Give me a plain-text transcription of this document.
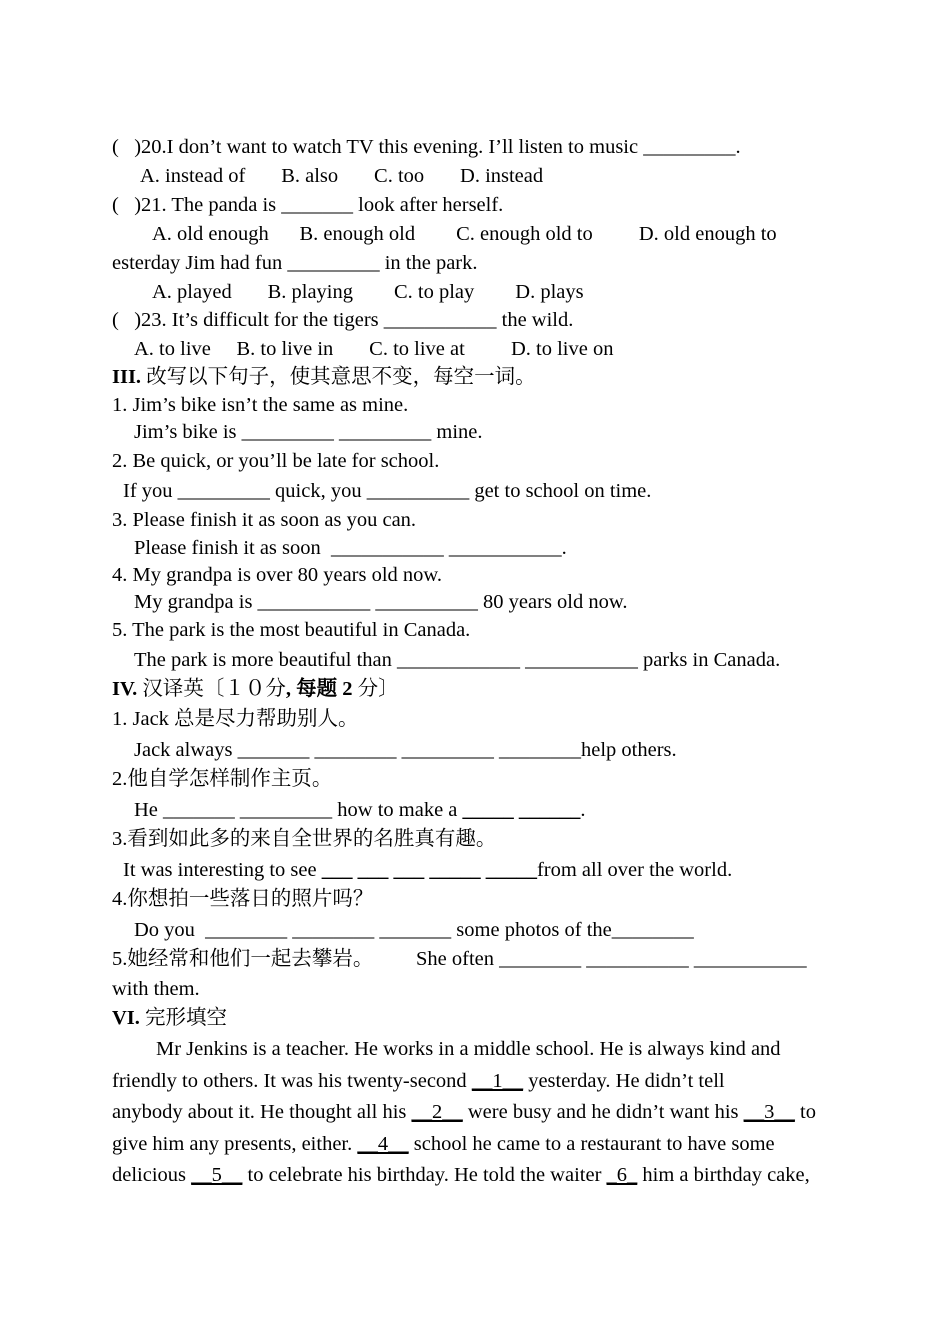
(   )20.I don’t want to watch TV this evening. I’ll listen to music _________.
A. instead of       B. also       C. too       D. instead
(   )21. The panda is _______ look after herself.
A. old enough      B. enough old        C. enough old to         D. old enough to
esterday Jim had fun _________ in the park.
A. played       B. playing        C. to play        D. plays
(   )23. It’s difficult for the tigers ___________ the wild.
A. to live     B. to live in       C. to live at         D. to live on
III. 改写以下句子，使其意思不变，每空一词。
1. Jim’s bike isn’t the same as mine.
Jim’s bike is _________ _________ mine.
2. Be quick, or you’ll be late for school.
If you _________ quick, you __________ get to school on time.
3. Please finish it as soon as you can.
Please finish it as soon  ___________ ___________.
4. My grandpa is over 80 years old now.
My grandpa is ___________ __________ 80 years old now.
5. The park is the most beautiful in Canada.
The park is more beautiful than ____________ ___________ parks in Canada.
IV. 汉译英〔１０分, 每题 2 分〕
1. Jack 总是尽力帮助别人。
Jack always _______ ________ _________ ________help others.
2.他自学怎样制作主页。
He _______ _________ how to make a _____ ______.
3.看到如此多的来自全世界的名胜真有趣。
It was interesting to see ___ ___ ___ _____ _____from all over the world.
4.你想拍一些落日的照片吗？
Do you  ________ ________ _______ some photos of the________
5.她经常和他们一起去攀岩。 She often ________ __________ ___________
with them.
VI. 完形填空
Mr Jenkins is a teacher. He works in a middle school. He is always kind and
friendly to others. It was his twenty-second __1__ yesterday. He didn’t tell
anybody about it. He thought all his __2__ were busy and he didn’t want his __3__ to
give him any presents, either. __4__ school he came to a restaurant to have some
delicious __5__ to celebrate his birthday. He told the waiter _6_ him a birthday cake,
